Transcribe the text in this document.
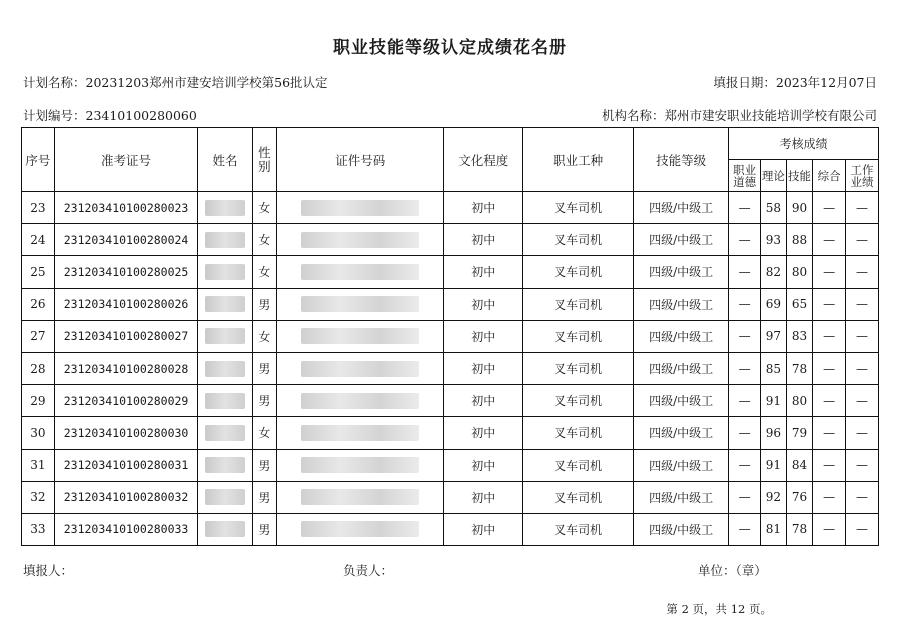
职业技能等级认定成绩花名册
计划名称：20231203郑州市建安培训学校第56批认定	填报日期：2023年12月07日
计划编号：23410100280060	机构名称：郑州市建安职业技能培训学校有限公司
序号	准考证号	姓名	性别	证件号码	文化程度	职业工种	技能等级	考核成绩				
								职业道德	理论	技能	综合	工作业绩
23	231203410100280023		女		初中	叉车司机	四级/中级工	—	58	90	—	—
24	231203410100280024		女		初中	叉车司机	四级/中级工	—	93	88	—	—
25	231203410100280025		女		初中	叉车司机	四级/中级工	—	82	80	—	—
26	231203410100280026		男		初中	叉车司机	四级/中级工	—	69	65	—	—
27	231203410100280027		女		初中	叉车司机	四级/中级工	—	97	83	—	—
28	231203410100280028		男		初中	叉车司机	四级/中级工	—	85	78	—	—
29	231203410100280029		男		初中	叉车司机	四级/中级工	—	91	80	—	—
30	231203410100280030		女		初中	叉车司机	四级/中级工	—	96	79	—	—
31	231203410100280031		男		初中	叉车司机	四级/中级工	—	91	84	—	—
32	231203410100280032		男		初中	叉车司机	四级/中级工	—	92	76	—	—
33	231203410100280033		男		初中	叉车司机	四级/中级工	—	81	78	—	—
填报人：	负责人：	单位：（章）
第 2 页，共 12 页。
